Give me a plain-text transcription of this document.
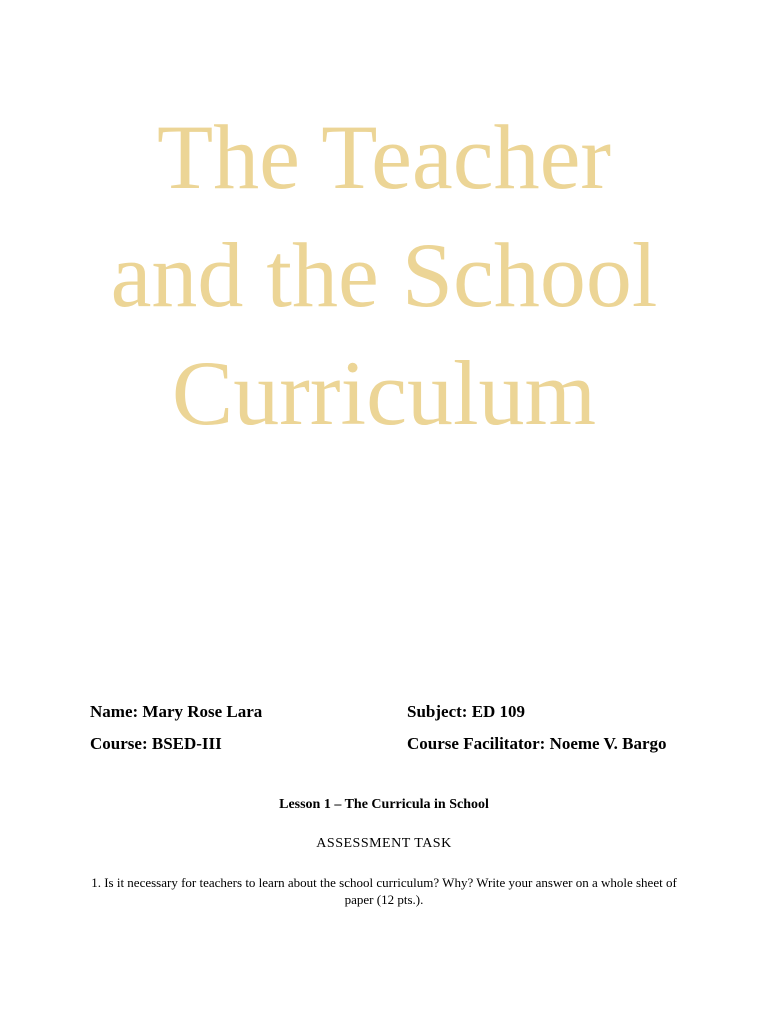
The Teacher
and the School
Curriculum
Name: Mary Rose Lara	Subject: ED 109
Course: BSED-III	Course Facilitator: Noeme V. Bargo
Lesson 1 – The Curricula in School
ASSESSMENT TASK
1. Is it necessary for teachers to learn about the school curriculum? Why? Write your answer on a whole sheet of paper (12 pts.).
